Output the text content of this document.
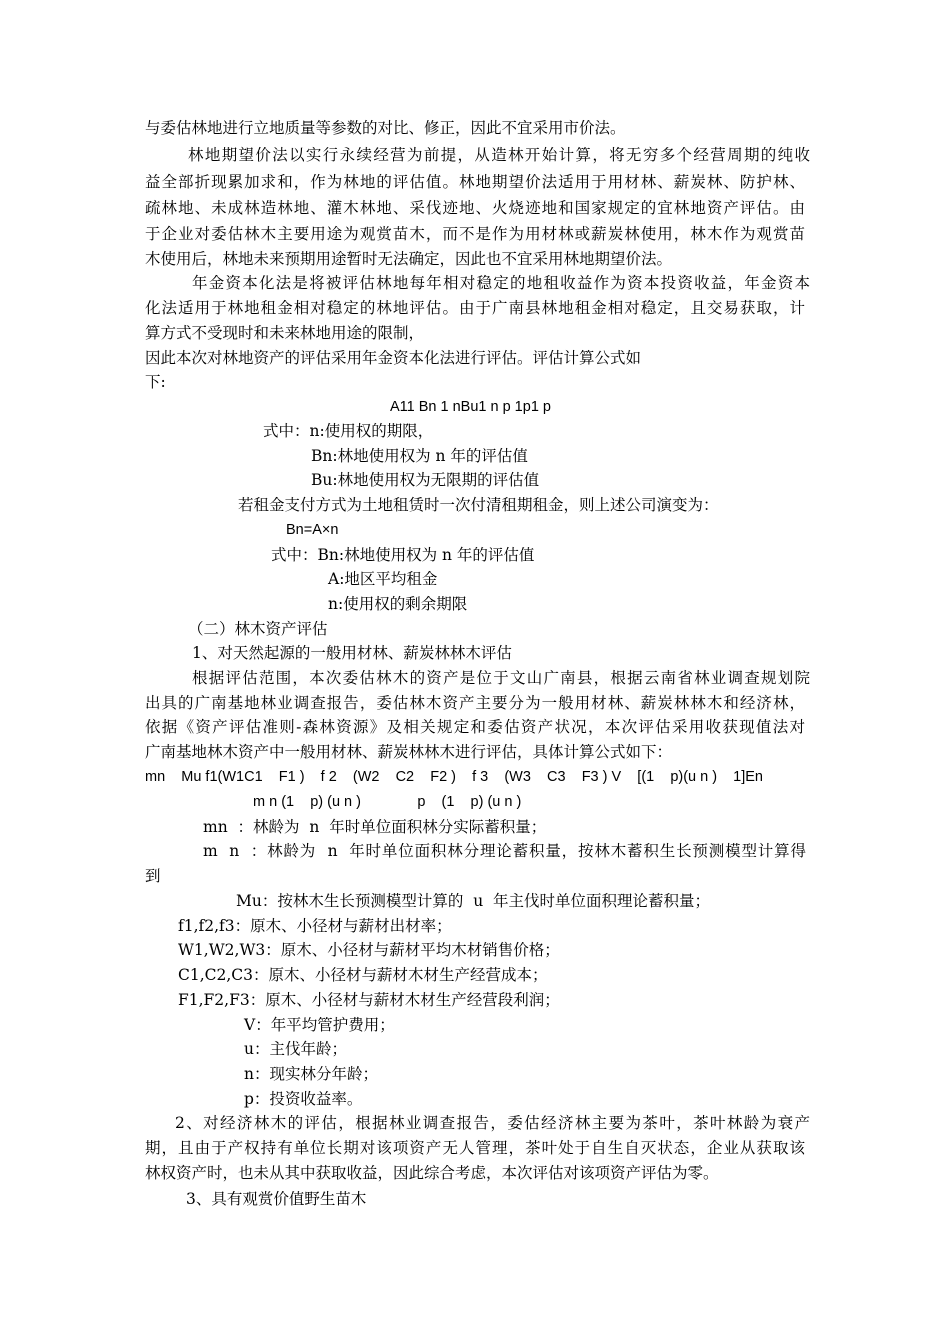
与委估林地进行立地质量等参数的对比、修正，因此不宜采用市价法。
林地期望价法以实行永续经营为前提，从造林开始计算，将无穷多个经营周期的纯收
益全部折现累加求和，作为林地的评估值。林地期望价法适用于用材林、薪炭林、防护林、
疏林地、未成林造林地、灌木林地、采伐迹地、火烧迹地和国家规定的宜林地资产评估。由
于企业对委估林木主要用途为观赏苗木，而不是作为用材林或薪炭林使用，林木作为观赏苗
木使用后，林地未来预期用途暂时无法确定，因此也不宜采用林地期望价法。
年金资本化法是将被评估林地每年相对稳定的地租收益作为资本投资收益，年金资本
化法适用于林地租金相对稳定的林地评估。由于广南县林地租金相对稳定，且交易获取，计
算方式不受现时和未来林地用途的限制，
因此本次对林地资产的评估采用年金资本化法进行评估。评估计算公式如
下:
A11 Bn 1 nBu1 n p 1p1 p
式中：n:使用权的期限，
Bn:林地使用权为 n 年的评估值
Bu:林地使用权为无限期的评估值
若租金支付方式为土地租赁时一次付清租期租金，则上述公司演变为：
Bn=A×n
式中：Bn:林地使用权为 n 年的评估值
A:地区平均租金
n:使用权的剩余期限
（二）林木资产评估
1、对天然起源的一般用材林、薪炭林林木评估
根据评估范围，本次委估林木的资产是位于文山广南县，根据云南省林业调查规划院
出具的广南基地林业调查报告，委估林木资产主要分为一般用材林、薪炭林林木和经济林，
依据《资产评估准则-森林资源》及相关规定和委估资产状况，本次评估采用收获现值法对
广南基地林木资产中一般用材林、薪炭林林木进行评估，具体计算公式如下：
mn    Mu f1(W1C1    F1 )    f 2    (W2    C2    F2 )    f 3    (W3    C3    F3 ) V    [(1    p)(u n )    1]En
m n (1    p) (u n )              p    (1    p) (u n )
mn  ：林龄为  n  年时单位面积林分实际蓄积量；
m  n  ：林龄为  n  年时单位面积林分理论蓄积量，按林木蓄积生长预测模型计算得
到
Mu：按林木生长预测模型计算的  u  年主伐时单位面积理论蓄积量；
f1,f2,f3：原木、小径材与薪材出材率；
W1,W2,W3：原木、小径材与薪材平均木材销售价格；
C1,C2,C3：原木、小径材与薪材木材生产经营成本；
F1,F2,F3：原木、小径材与薪材木材生产经营段利润；
V：年平均管护费用；
u：主伐年龄；
n：现实林分年龄；
p：投资收益率。
2、对经济林木的评估，根据林业调查报告，委估经济林主要为茶叶，茶叶林龄为衰产
期，且由于产权持有单位长期对该项资产无人管理，茶叶处于自生自灭状态，企业从获取该
林权资产时，也未从其中获取收益，因此综合考虑，本次评估对该项资产评估为零。
3、具有观赏价值野生苗木
